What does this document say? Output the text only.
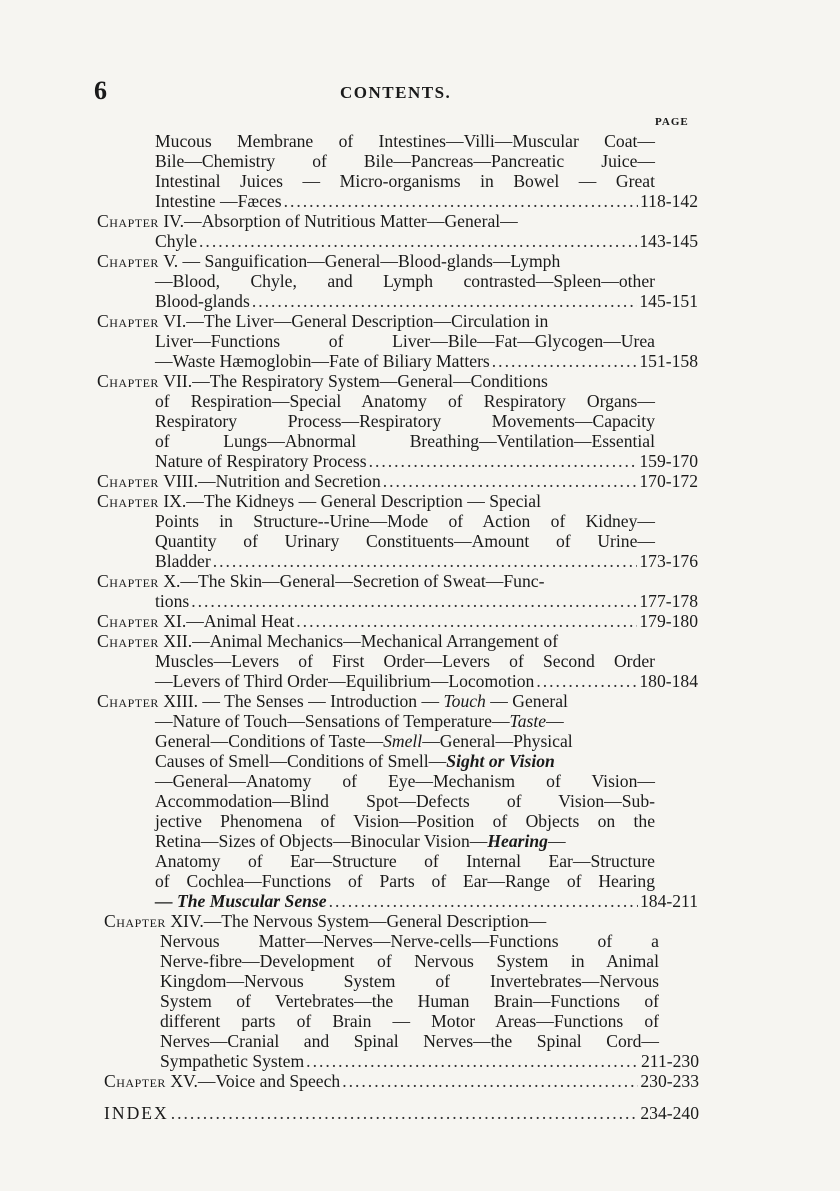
6	CONTENTS.
PAGE
Mucous Membrane of Intestines—Villi—Muscular Coat—
Bile—Chemistry of Bile—Pancreas—Pancreatic Juice—
Intestinal Juices — Micro-organisms in Bowel — Great
Intestine —Fæces .....	118-142
Chapter
IV.—Absorption of Nutritious Matter—General—
Chyle .....	143-145
Chapter
V. — Sanguification—General—Blood-glands—Lymph
—Blood, Chyle, and Lymph contrasted—Spleen—other
Blood-glands .....	145-151
Chapter
VI.—The Liver—General Description—Circulation in
Liver—Functions of Liver—Bile—Fat—Glycogen—Urea
—Waste Hæmoglobin—Fate of Biliary Matters .....	151-158
Chapter
VII.—The Respiratory System—General—Conditions
of Respiration—Special Anatomy of Respiratory Organs—
Respiratory Process—Respiratory Movements—Capacity
of Lungs—Abnormal Breathing—Ventilation—Essential
Nature of Respiratory Process .....	159-170
Chapter
VIII.—Nutrition and Secretion .....	170-172
Chapter
IX.—The Kidneys — General Description — Special
Points in Structure--Urine—Mode of Action of Kidney—
Quantity of Urinary Constituents—Amount of Urine—
Bladder .....	173-176
Chapter
X.—The Skin—General—Secretion of Sweat—Func-
tions .....	177-178
Chapter
XI.—Animal Heat .....	179-180
Chapter
XII.—Animal Mechanics—Mechanical Arrangement of
Muscles—Levers of First Order—Levers of Second Order
—Levers of Third Order—Equilibrium—Locomotion .....	180-184
Chapter
XIII. — The Senses — Introduction —
Touch
— General
—Nature of Touch—Sensations of Temperature— Taste —
General—Conditions of Taste— Smell —General—Physical
Causes of Smell—Conditions of Smell— Sight or Vision
—General—Anatomy of Eye—Mechanism of Vision—
Accommodation—Blind Spot—Defects of Vision—Sub-
jective Phenomena of Vision—Position of Objects on the
Retina—Sizes of Objects—Binocular Vision— Hearing —
Anatomy of Ear—Structure of Internal Ear—Structure
of Cochlea—Functions of Parts of Ear—Range of Hearing
— The Muscular Sense .....	184-211
Chapter
XIV.—The Nervous System—General Description—
Nervous Matter—Nerves—Nerve-cells—Functions of a
Nerve-fibre—Development of Nervous System in Animal
Kingdom—Nervous System of Invertebrates—Nervous
System of Vertebrates—the Human Brain—Functions of
different parts of Brain — Motor Areas—Functions of
Nerves—Cranial and Spinal Nerves—the Spinal Cord—
Sympathetic System .....	211-230
Chapter
XV.—Voice and Speech .....	230-233
INDEX .....	234-240
